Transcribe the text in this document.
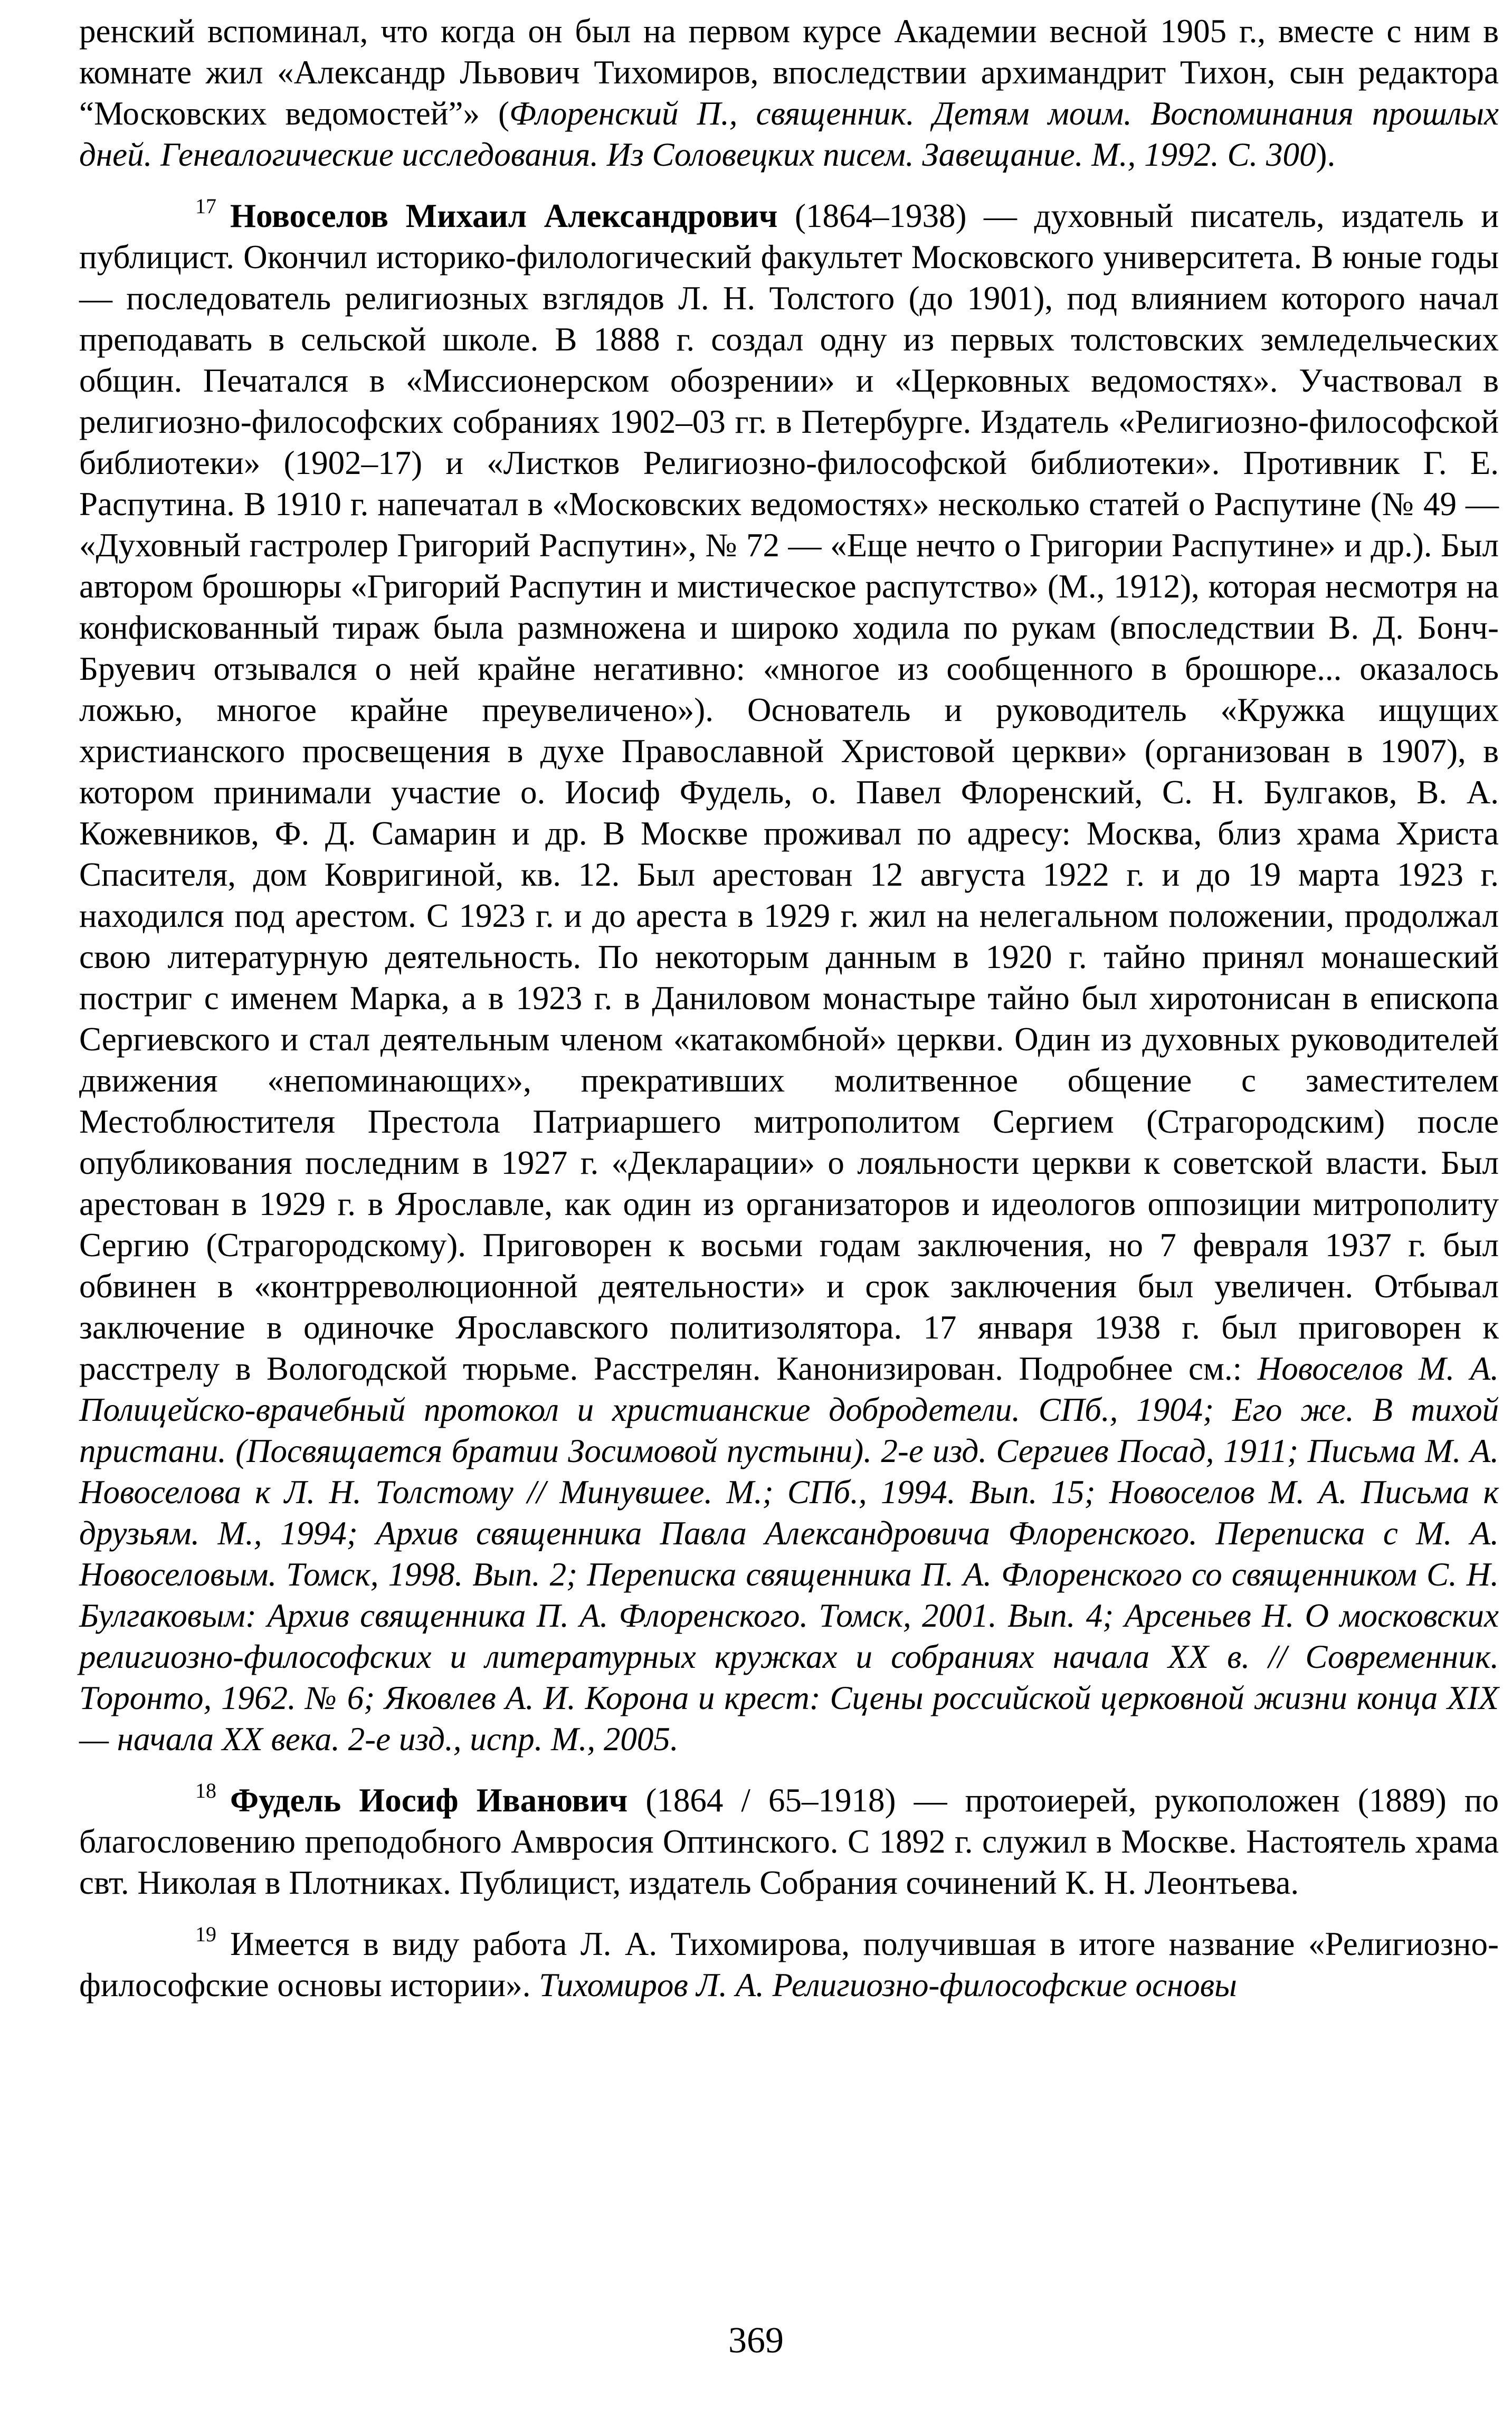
ренский вспоминал, что когда он был на первом курсе Академии весной 1905 г., вместе с ним в комнате жил «Александр Львович Тихомиров, впоследствии архимандрит Тихон, сын редактора “Московских ведомостей”» (Флоренский П., священник. Детям моим. Воспоминания прошлых дней. Генеалогические исследования. Из Соловецких писем. Завещание. М., 1992. С. 300).

$^{17}$ Новоселов Михаил Александрович (1864–1938) — духовный писатель, издатель и публицист. Окончил историко-филологический факультет Московского университета. В юные годы — последователь религиозных взглядов Л. Н. Толстого (до 1901), под влиянием которого начал преподавать в сельской школе. В 1888 г. создал одну из первых толстовских земледельческих общин. Печатался в «Миссионерском обозрении» и «Церковных ведомостях». Участвовал в религиозно-философских собраниях 1902–03 гг. в Петербурге. Издатель «Религиозно-философской библиотеки» (1902–17) и «Листков Религиозно-философской библиотеки». Противник Г. Е. Распутина. В 1910 г. напечатал в «Московских ведомостях» несколько статей о Распутине (№ 49 — «Духовный гастролер Григорий Распутин», № 72 — «Еще нечто о Григории Распутине» и др.). Был автором брошюры «Григорий Распутин и мистическое распутство» (М., 1912), которая несмотря на конфискованный тираж была размножена и широко ходила по рукам (впоследствии В. Д. Бонч-Бруевич отзывался о ней крайне негативно: «многое из сообщенного в брошюре... оказалось ложью, многое крайне преувеличено»). Основатель и руководитель «Кружка ищущих христианского просвещения в духе Православной Христовой церкви» (организован в 1907), в котором принимали участие о. Иосиф Фудель, о. Павел Флоренский, С. Н. Булгаков, В. А. Кожевников, Ф. Д. Самарин и др. В Москве проживал по адресу: Москва, близ храма Христа Спасителя, дом Ковригиной, кв. 12. Был арестован 12 августа 1922 г. и до 19 марта 1923 г. находился под арестом. С 1923 г. и до ареста в 1929 г. жил на нелегальном положении, продолжал свою литературную деятельность. По некоторым данным в 1920 г. тайно принял монашеский постриг с именем Марка, а в 1923 г. в Даниловом монастыре тайно был хиротонисан в епископа Сергиевского и стал деятельным членом «катакомбной» церкви. Один из духовных руководителей движения «непоминающих», прекративших молитвенное общение с заместителем Местоблюстителя Престола Патриаршего митрополитом Сергием (Страгородским) после опубликования последним в 1927 г. «Декларации» о лояльности церкви к советской власти. Был арестован в 1929 г. в Ярославле, как один из организаторов и идеологов оппозиции митрополиту Сергию (Страгородскому). Приговорен к восьми годам заключения, но 7 февраля 1937 г. был обвинен в «контрреволюционной деятельности» и срок заключения был увеличен. Отбывал заключение в одиночке Ярославского политизолятора. 17 января 1938 г. был приговорен к расстрелу в Вологодской тюрьме. Расстрелян. Канонизирован. Подробнее см.: Новоселов М. А. Полицейско-врачебный протокол и христианские добродетели. СПб., 1904; Его же. В тихой пристани. (Посвящается братии Зосимовой пустыни). 2-е изд. Сергиев Посад, 1911; Письма М. А. Новоселова к Л. Н. Толстому // Минувшее. М.; СПб., 1994. Вып. 15; Новоселов М. А. Письма к друзьям. М., 1994; Архив священника Павла Александровича Флоренского. Переписка с М. А. Новоселовым. Томск, 1998. Вып. 2; Переписка священника П. А. Флоренского со священником С. Н. Булгаковым: Архив священника П. А. Флоренского. Томск, 2001. Вып. 4; Арсеньев Н. О московских религиозно-философских и литературных кружках и собраниях начала XX в. // Современник. Торонто, 1962. № 6; Яковлев А. И. Корона и крест: Сцены российской церковной жизни конца XIX — начала XX века. 2-е изд., испр. М., 2005.

$^{18}$ Фудель Иосиф Иванович (1864 / 65–1918) — протоиерей, рукоположен (1889) по благословению преподобного Амвросия Оптинского. С 1892 г. служил в Москве. Настоятель храма свт. Николая в Плотниках. Публицист, издатель Собрания сочинений К. Н. Леонтьева.

$^{19}$ Имеется в виду работа Л. А. Тихомирова, получившая в итоге название «Религиозно-философские основы истории». Тихомиров Л. А. Религиозно-философские основы

369
